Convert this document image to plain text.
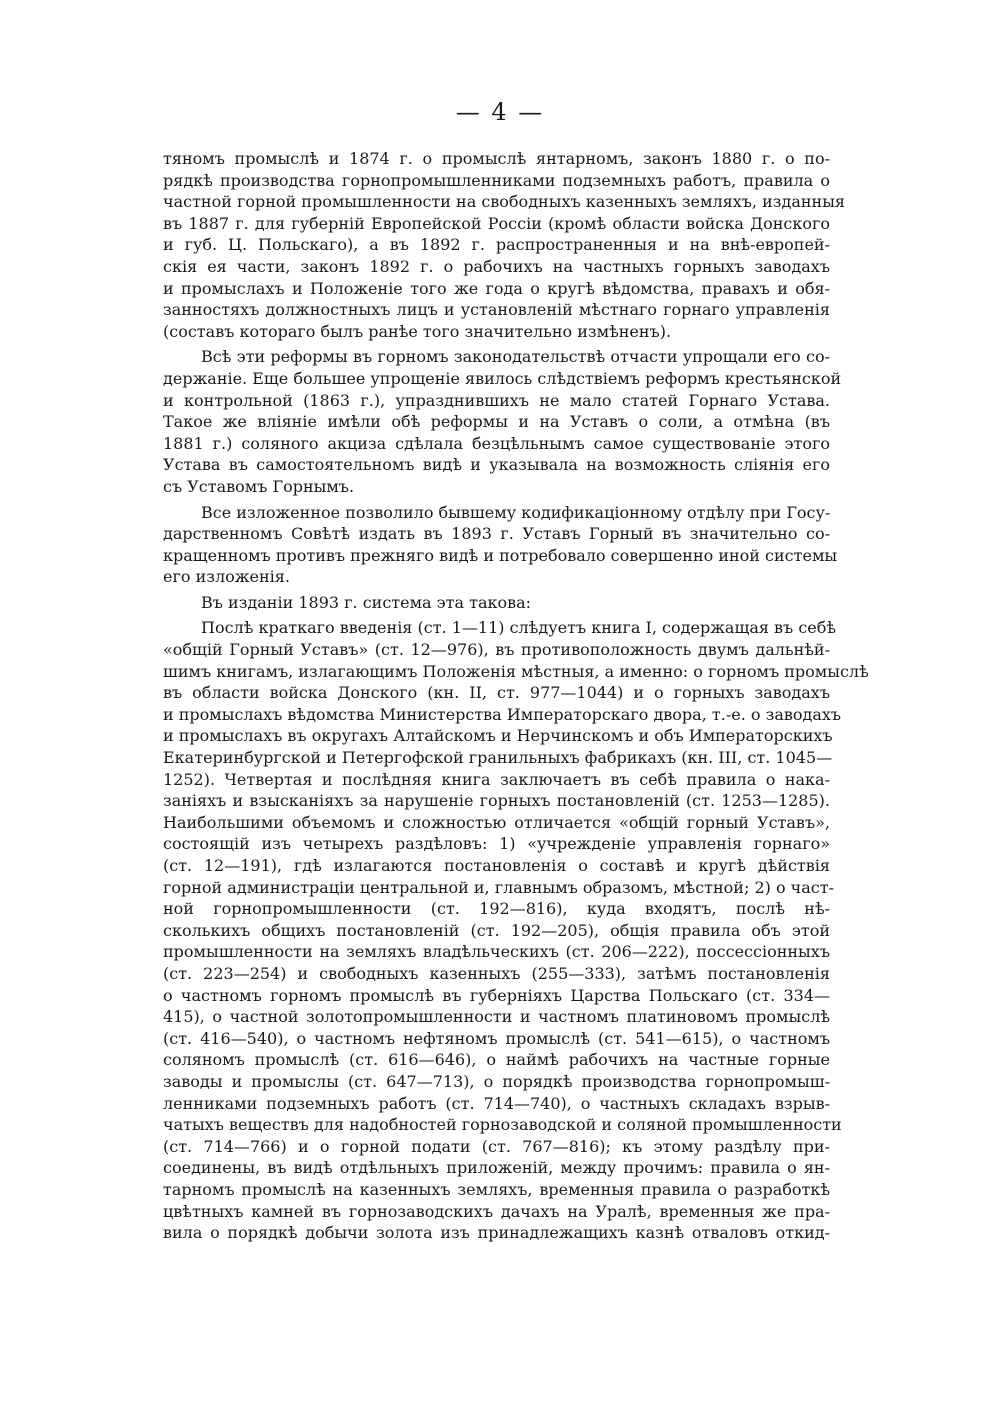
— 4 —

тяномъ промыслѣ и 1874 г. о промыслѣ янтарномъ, законъ 1880 г. о по-
рядкѣ производства горнопромышленниками подземныхъ работъ, правила о
частной горной промышленности на свободныхъ казенныхъ земляхъ, изданныя
въ 1887 г. для губерній Европейской Россіи (кромѣ области войска Донского
и губ. Ц. Польскаго), а въ 1892 г. распространенныя и на внѣ-европей-
скія ея части, законъ 1892 г. о рабочихъ на частныхъ горныхъ заводахъ
и промыслахъ и Положеніе того же года о кругѣ вѣдомства, правахъ и обя-
занностяхъ должностныхъ лицъ и установленій мѣстнаго горнаго управленія
(составъ котораго былъ ранѣе того значительно измѣненъ).

Всѣ эти реформы въ горномъ законодательствѣ отчасти упрощали его со-
держаніе. Еще большее упрощеніе явилось слѣдствіемъ реформъ крестьянской
и контрольной (1863 г.), упразднившихъ не мало статей Горнаго Устава.
Такое же вліяніе имѣли обѣ реформы и на Уставъ о соли, а отмѣна (въ
1881 г.) соляного акциза сдѣлала безцѣльнымъ самое существованіе этого
Устава въ самостоятельномъ видѣ и указывала на возможность слiянія его
съ Уставомъ Горнымъ.

Все изложенное позволило бывшему кодификаціонному отдѣлу при Госу-
дарственномъ Совѣтѣ издать въ 1893 г. Уставъ Горный въ значительно со-
кращенномъ противъ прежняго видѣ и потребовало совершенно иной системы
его изложенія.

Въ изданіи 1893 г. система эта такова:

Послѣ краткаго введенія (ст. 1—11) слѣдуетъ книга I, содержащая въ себѣ
«общій Горный Уставъ» (ст. 12—976), въ противоположность двумъ дальнѣй-
шимъ книгамъ, излагающимъ Положенія мѣстныя, а именно: о горномъ промыслѣ
въ области войска Донского (кн. II, ст. 977—1044) и о горныхъ заводахъ
и промыслахъ вѣдомства Министерства Императорскаго двора, т.-е. о заводахъ
и промыслахъ въ округахъ Алтайскомъ и Нерчинскомъ и объ Императорскихъ
Екатеринбургской и Петергофской гранильныхъ фабрикахъ (кн. III, ст. 1045—
1252). Четвертая и послѣдняя книга заключаетъ въ себѣ правила о нака-
заніяхъ и взысканіяхъ за нарушеніе горныхъ постановленій (ст. 1253—1285).
Наибольшими объемомъ и сложностью отличается «общій горный Уставъ»,
состоящій изъ четырехъ раздѣловъ: 1) «учрежденіе управленія горнаго»
(ст. 12—191), гдѣ излагаются постановленія о составѣ и кругѣ дѣйствія
горной администраціи центральной и, главнымъ образомъ, мѣстной; 2) о част-
ной горнопромышленности (ст. 192—816), куда входятъ, послѣ нѣ-
сколькихъ общихъ постановленій (ст. 192—205), общія правила объ этой
промышленности на земляхъ владѣльческихъ (ст. 206—222), поссессіонныхъ
(ст. 223—254) и свободныхъ казенныхъ (255—333), затѣмъ постановленія
о частномъ горномъ промыслѣ въ губерніяхъ Царства Польскаго (ст. 334—
415), о частной золотопромышленности и частномъ платиновомъ промыслѣ
(ст. 416—540), о частномъ нефтяномъ промыслѣ (ст. 541—615), о частномъ
соляномъ промыслѣ (ст. 616—646), о наймѣ рабочихъ на частные горные
заводы и промыслы (ст. 647—713), о порядкѣ производства горнопромыш-
ленниками подземныхъ работъ (ст. 714—740), о частныхъ складахъ взрыв-
чатыхъ веществъ для надобностей горнозаводской и соляной промышленности
(ст. 714—766) и о горной подати (ст. 767—816); къ этому раздѣлу при-
соединены, въ видѣ отдѣльныхъ приложеній, между прочимъ: правила о ян-
тарномъ промыслѣ на казенныхъ земляхъ, временныя правила о разработкѣ
цвѣтныхъ камней въ горнозаводскихъ дачахъ на Уралѣ, временныя же пра-
вила о порядкѣ добычи золота изъ принадлежащихъ казнѣ отваловъ откид-
